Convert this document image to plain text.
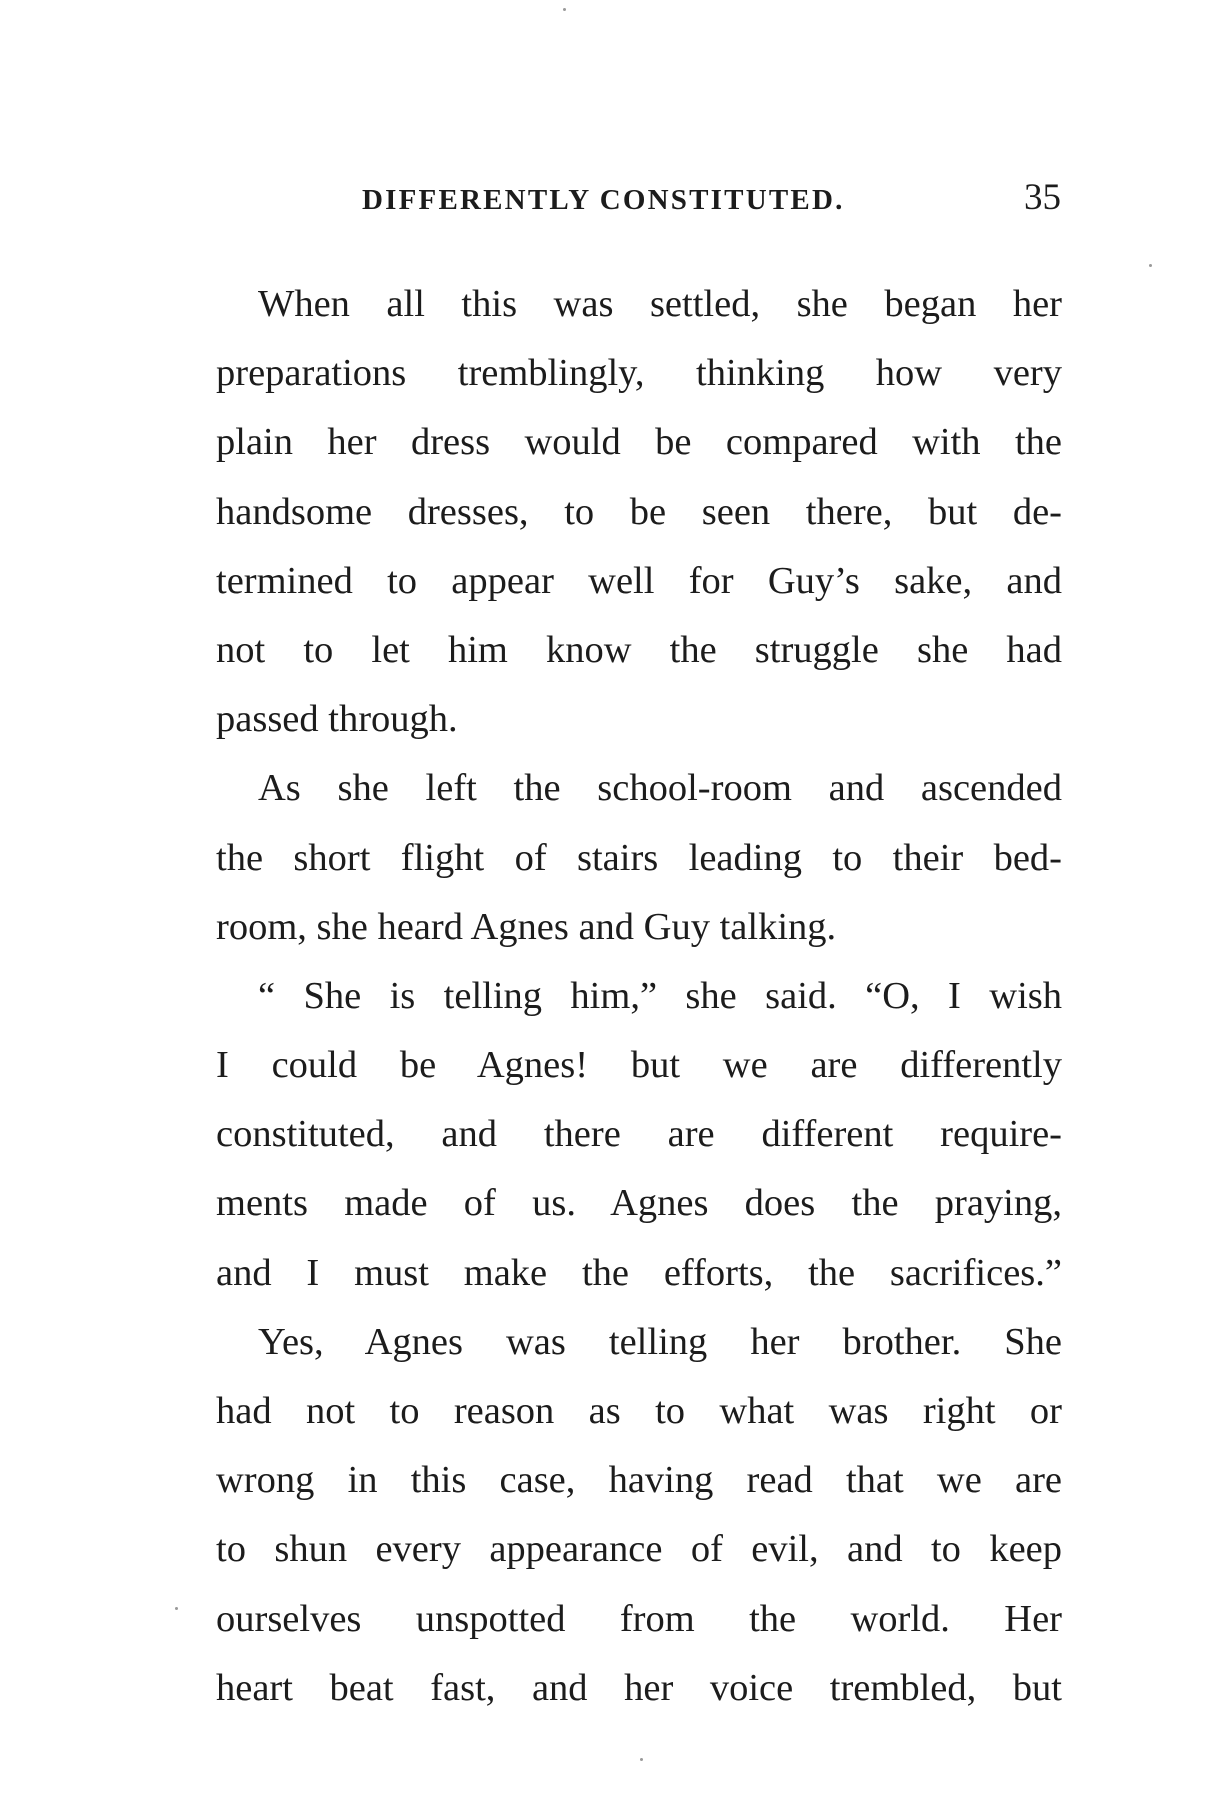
DIFFERENTLY CONSTITUTED.	35
When all this was settled, she began her
preparations tremblingly, thinking how very
plain her dress would be compared with the
handsome dresses, to be seen there, but de-
termined to appear well for Guy’s sake, and
not to let him know the struggle she had
passed through.
As she left the school-room and ascended
the short flight of stairs leading to their bed-
room, she heard Agnes and Guy talking.
“ She is telling him,” she said. “O, I wish
I could be Agnes! but we are differently
constituted, and there are different require-
ments made of us. Agnes does the praying,
and I must make the efforts, the sacrifices.”
Yes, Agnes was telling her brother. She
had not to reason as to what was right or
wrong in this case, having read that we are
to shun every appearance of evil, and to keep
ourselves unspotted from the world. Her
heart beat fast, and her voice trembled, but
